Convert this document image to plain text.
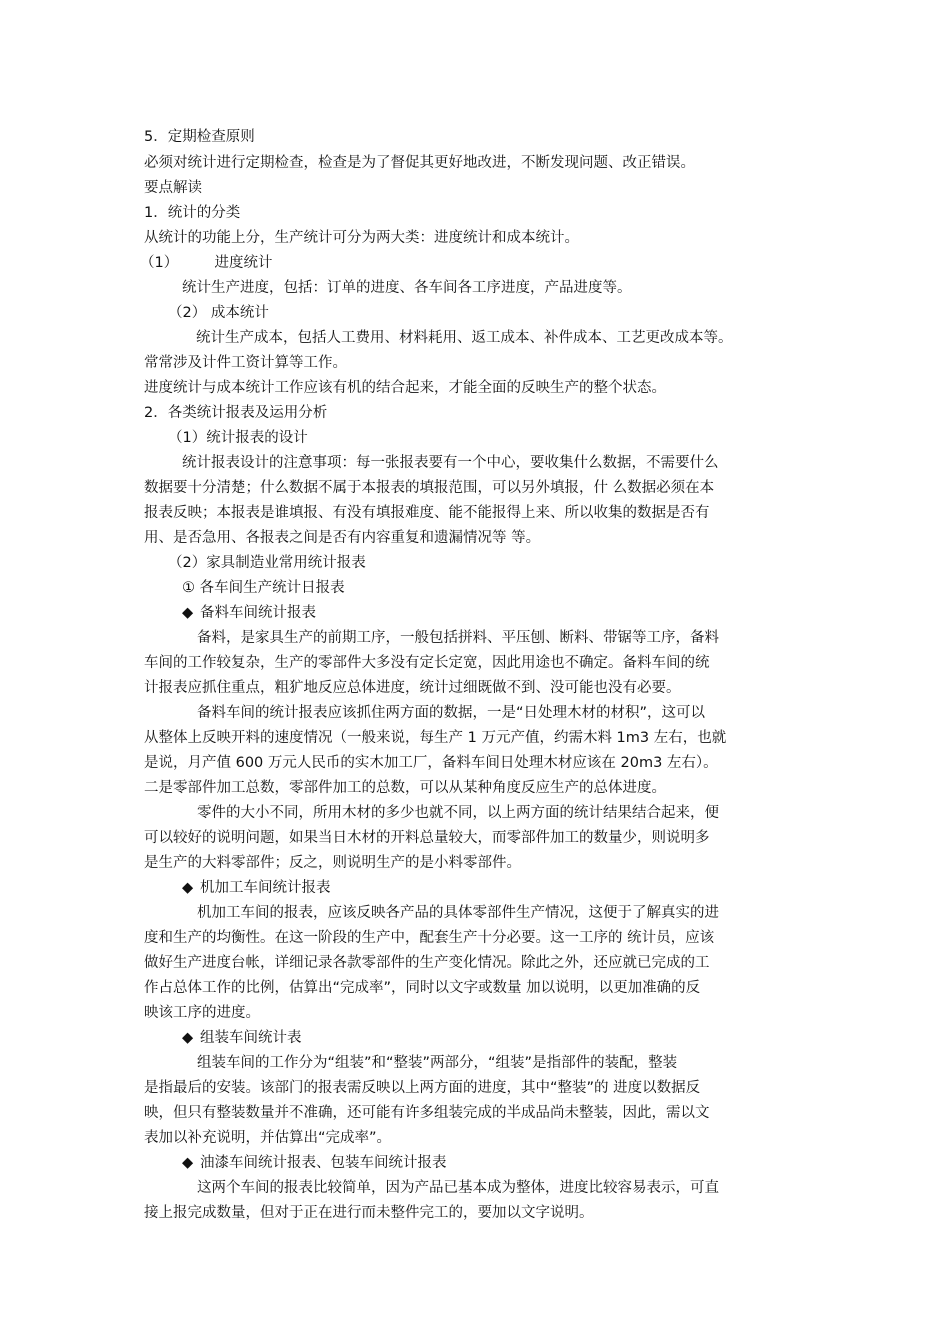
5．定期检查原则
必须对统计进行定期检查，检查是为了督促其更好地改进，不断发现问题、改正错误。
要点解读
1．统计的分类
从统计的功能上分，生产统计可分为两大类：进度统计和成本统计。
（1）　　　进度统计
统计生产进度，包括：订单的进度、各车间各工序进度，产品进度等。
（2） 成本统计
统计生产成本，包括人工费用、材料耗用、返工成本、补件成本、工艺更改成本等。
常常涉及计件工资计算等工作。
进度统计与成本统计工作应该有机的结合起来，才能全面的反映生产的整个状态。
2．各类统计报表及运用分析
（1）统计报表的设计
统计报表设计的注意事项：每一张报表要有一个中心，要收集什么数据，不需要什么
数据要十分清楚；什么数据不属于本报表的填报范围，可以另外填报，什 么数据必须在本
报表反映；本报表是谁填报、有没有填报难度、能不能报得上来、所以收集的数据是否有
用、是否急用、各报表之间是否有内容重复和遗漏情况等 等。
（2）家具制造业常用统计报表
① 各车间生产统计日报表
◆ 备料车间统计报表
备料，是家具生产的前期工序，一般包括拼料、平压刨、断料、带锯等工序，备料
车间的工作较复杂，生产的零部件大多没有定长定宽，因此用途也不确定。备料车间的统
计报表应抓住重点，粗犷地反应总体进度，统计过细既做不到、没可能也没有必要。
备料车间的统计报表应该抓住两方面的数据，一是“日处理木材的材积”，这可以
从整体上反映开料的速度情况（一般来说，每生产 1 万元产值，约需木料 1m3 左右，也就
是说，月产值 600 万元人民币的实木加工厂，备料车间日处理木材应该在 20m3 左右）。
二是零部件加工总数，零部件加工的总数，可以从某种角度反应生产的总体进度。
零件的大小不同，所用木材的多少也就不同，以上两方面的统计结果结合起来，便
可以较好的说明问题，如果当日木材的开料总量较大，而零部件加工的数量少，则说明多
是生产的大料零部件；反之，则说明生产的是小料零部件。
◆ 机加工车间统计报表
机加工车间的报表，应该反映各产品的具体零部件生产情况，这便于了解真实的进
度和生产的均衡性。在这一阶段的生产中，配套生产十分必要。这一工序的 统计员，应该
做好生产进度台帐，详细记录各款零部件的生产变化情况。除此之外，还应就已完成的工
作占总体工作的比例，估算出“完成率”，同时以文字或数量 加以说明，以更加准确的反
映该工序的进度。
◆ 组装车间统计表
组装车间的工作分为“组装”和“整装”两部分，“组装”是指部件的装配，整装
是指最后的安装。该部门的报表需反映以上两方面的进度，其中“整装”的 进度以数据反
映，但只有整装数量并不准确，还可能有许多组装完成的半成品尚未整装，因此，需以文
表加以补充说明，并估算出“完成率”。
◆ 油漆车间统计报表、包装车间统计报表
这两个车间的报表比较简单，因为产品已基本成为整体，进度比较容易表示，可直
接上报完成数量，但对于正在进行而未整件完工的，要加以文字说明。
